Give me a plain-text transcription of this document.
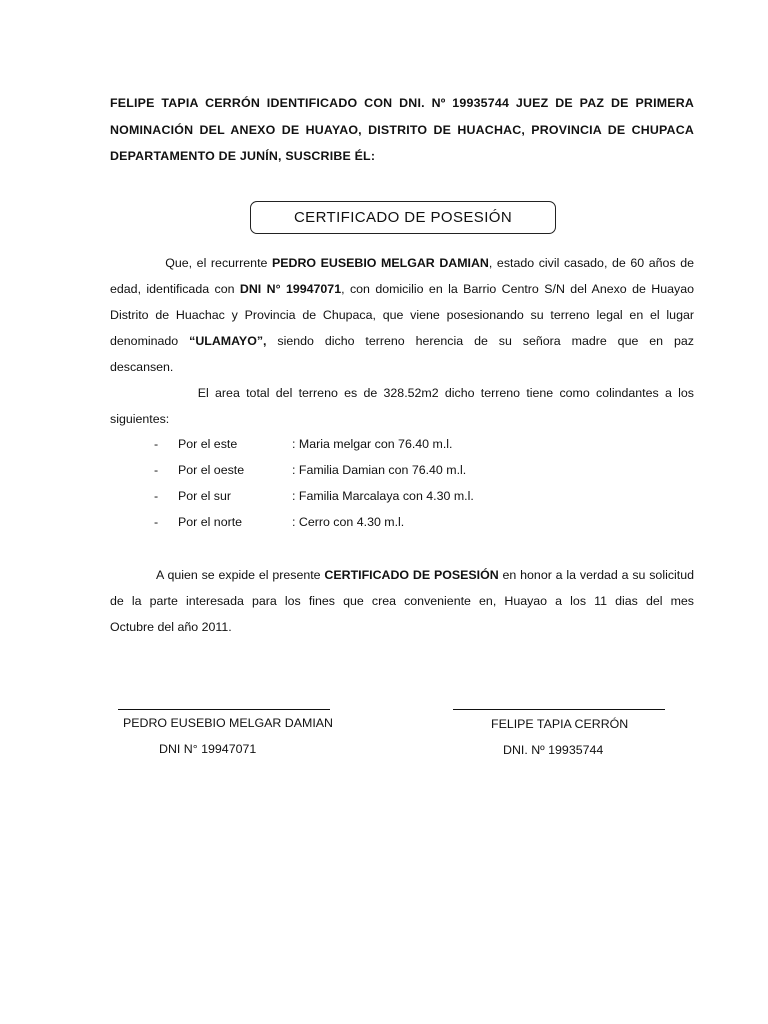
FELIPE TAPIA CERRÓN IDENTIFICADO CON DNI. Nº 19935744 JUEZ DE PAZ DE PRIMERA
NOMINACIÓN DEL ANEXO DE HUAYAO, DISTRITO DE HUACHAC, PROVINCIA DE CHUPACA
DEPARTAMENTO DE JUNÍN, SUSCRIBE ÉL:
CERTIFICADO DE POSESIÓN
Que, el recurrente PEDRO EUSEBIO MELGAR DAMIAN, estado civil casado, de 60 años de
edad, identificada con DNI N° 19947071, con domicilio en la Barrio Centro S/N del Anexo de Huayao
Distrito de Huachac y Provincia de Chupaca, que viene posesionando su terreno legal en el lugar
denominado “ULAMAYO”, siendo dicho terreno herencia de su señora madre que en paz
descansen.
El area total del terreno es de 328.52m2 dicho terreno tiene como colindantes a los
siguientes:
- Por el este	: Maria melgar con 76.40 m.l.
- Por el oeste	: Familia Damian con 76.40 m.l.
- Por el sur	: Familia Marcalaya con 4.30 m.l.
- Por el norte	: Cerro con 4.30 m.l.
A quien se expide el presente CERTIFICADO DE POSESIÓN en honor a la verdad a su solicitud
de la parte interesada para los fines que crea conveniente en, Huayao a los 11 dias del mes
Octubre del año 2011.
PEDRO EUSEBIO MELGAR DAMIAN
DNI N° 19947071
FELIPE TAPIA CERRÓN
DNI. Nº 19935744
